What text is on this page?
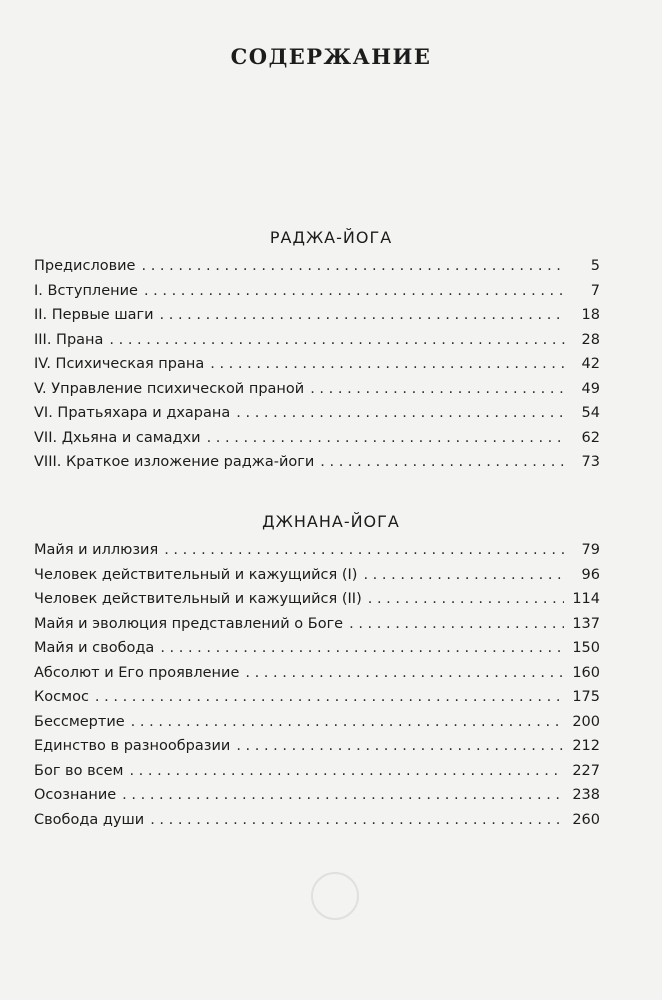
СОДЕРЖАНИЕ
РАДЖА-ЙОГА
Предисловие . . .	5
I. Вступление . . .	7
II. Первые шаги . . .	18
III. Прана . . .	28
IV. Психическая прана . . .	42
V. Управление психической праной . . .	49
VI. Пратьяхара и дхарана . . .	54
VII. Дхьяна и самадхи . . .	62
VIII. Краткое изложение раджа-йоги . . .	73
ДЖНАНА-ЙОГА
Майя и иллюзия . . .	79
Человек действительный и кажущийся (I) . . .	96
Человек действительный и кажущийся (II) . . .	114
Майя и эволюция представлений о Боге . . .	137
Майя и свобода . . .	150
Абсолют и Его проявление . . .	160
Космос . . .	175
Бессмертие . . .	200
Единство в разнообразии . . .	212
Бог во всем . . .	227
Осознание . . .	238
Свобода души . . .	260
